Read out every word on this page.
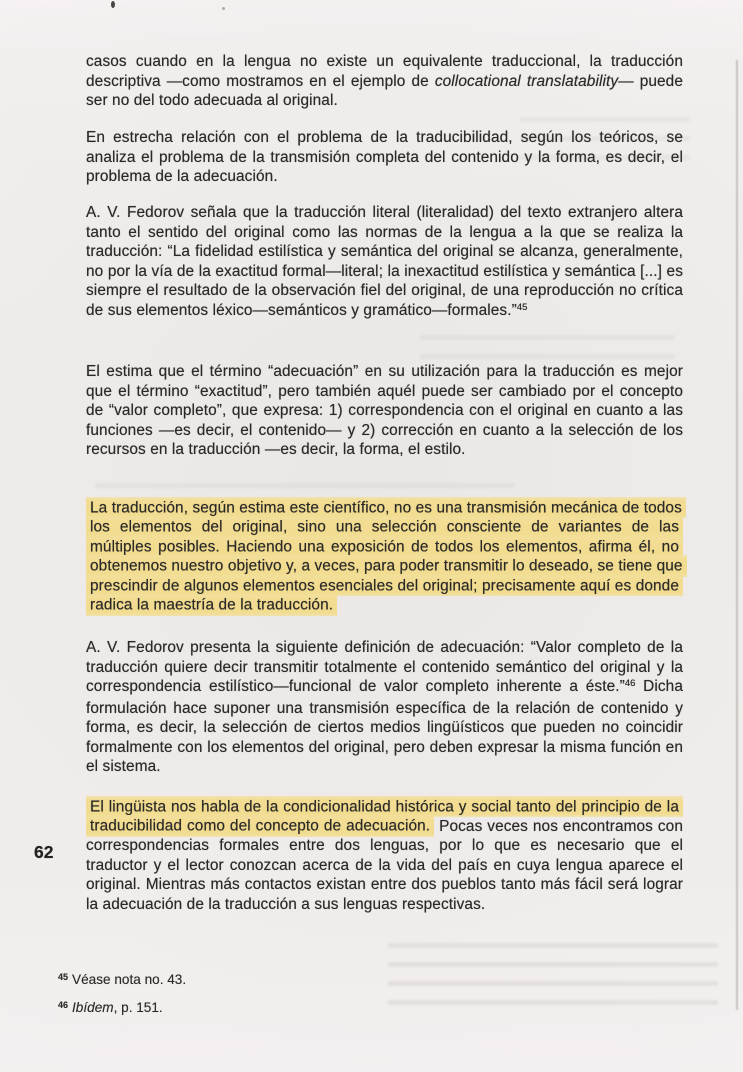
casos cuando en la lengua no existe un equivalente traduccional, la traducción descriptiva —como mostramos en el ejemplo de collocational translatability— puede ser no del todo adecuada al original.

En estrecha relación con el problema de la traducibilidad, según los teóricos, se analiza el problema de la transmisión completa del contenido y la forma, es decir, el problema de la adecuación.

A. V. Fedorov señala que la traducción literal (literalidad) del texto extranjero altera tanto el sentido del original como las normas de la lengua a la que se realiza la traducción: “La fidelidad estilística y semántica del original se alcanza, generalmente, no por la vía de la exactitud formal—literal; la inexactitud estilística y semántica [...] es siempre el resultado de la observación fiel del original, de una reproducción no crítica de sus elementos léxico—semánticos y gramático—formales.”$^{45}$

El estima que el término “adecuación” en su utilización para la traducción es mejor que el término “exactitud”, pero también aquél puede ser cambiado por el concepto de “valor completo”, que expresa: 1) correspondencia con el original en cuanto a las funciones —es decir, el contenido— y 2) corrección en cuanto a la selección de los recursos en la traducción —es decir, la forma, el estilo.

La traducción, según estima este científico, no es una transmisión mecánica de todos los elementos del original, sino una selección consciente de variantes de las múltiples posibles. Haciendo una exposición de todos los elementos, afirma él, no obtenemos nuestro objetivo y, a veces, para poder transmitir lo deseado, se tiene que prescindir de algunos elementos esenciales del original; precisamente aquí es donde radica la maestría de la traducción.

A. V. Fedorov presenta la siguiente definición de adecuación: “Valor completo de la traducción quiere decir transmitir totalmente el contenido semántico del original y la correspondencia estilístico—funcional de valor completo inherente a éste.”$^{46}$ Dicha formulación hace suponer una transmisión específica de la relación de contenido y forma, es decir, la selección de ciertos medios lingüísticos que pueden no coincidir formalmente con los elementos del original, pero deben expresar la misma función en el sistema.

El lingüista nos habla de la condicionalidad histórica y social tanto del principio de la traducibilidad como del concepto de adecuación. Pocas veces nos encontramos con correspondencias formales entre dos lenguas, por lo que es necesario que el traductor y el lector conozcan acerca de la vida del país en cuya lengua aparece el original. Mientras más contactos existan entre dos pueblos tanto más fácil será lograr la adecuación de la traducción a sus lenguas respectivas.

62

$^{45}$ Véase nota no. 43.

$^{46}$ Ibídem, p. 151.
